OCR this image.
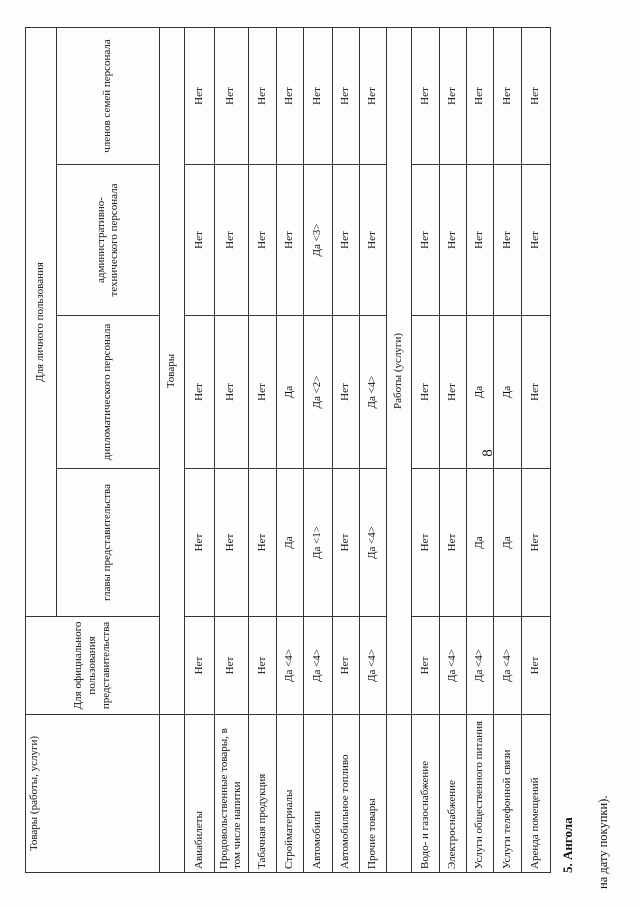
8
на дату покупки).
5. Ангола
Товары (работы, услуги)	Для официального пользования представительства	Для личного пользования			
		главы представительства	дипломатического персонала	административно-технического персонала	членов семей персонала
	Товары				
Авиабилеты	Нет	Нет	Нет	Нет	Нет
Продовольственные товары, в том числе напитки	Нет	Нет	Нет	Нет	Нет
Табачная продукция	Нет	Нет	Нет	Нет	Нет
Стройматериалы	Да <4>	Да	Да	Нет	Нет
Автомобили	Да <4>	Да <1>	Да <2>	Да <3>	Нет
Автомобильное топливо	Нет	Нет	Нет	Нет	Нет
Прочие товары	Да <4>	Да <4>	Да <4>	Нет	Нет
	Работы (услуги)				
Водо- и газоснабжение	Нет	Нет	Нет	Нет	Нет
Электроснабжение	Да <4>	Нет	Нет	Нет	Нет
Услуги общественного питания	Да <4>	Да	Да	Нет	Нет
Услуги телефонной связи	Да <4>	Да	Да	Нет	Нет
Аренда помещений	Нет	Нет	Нет	Нет	Нет
